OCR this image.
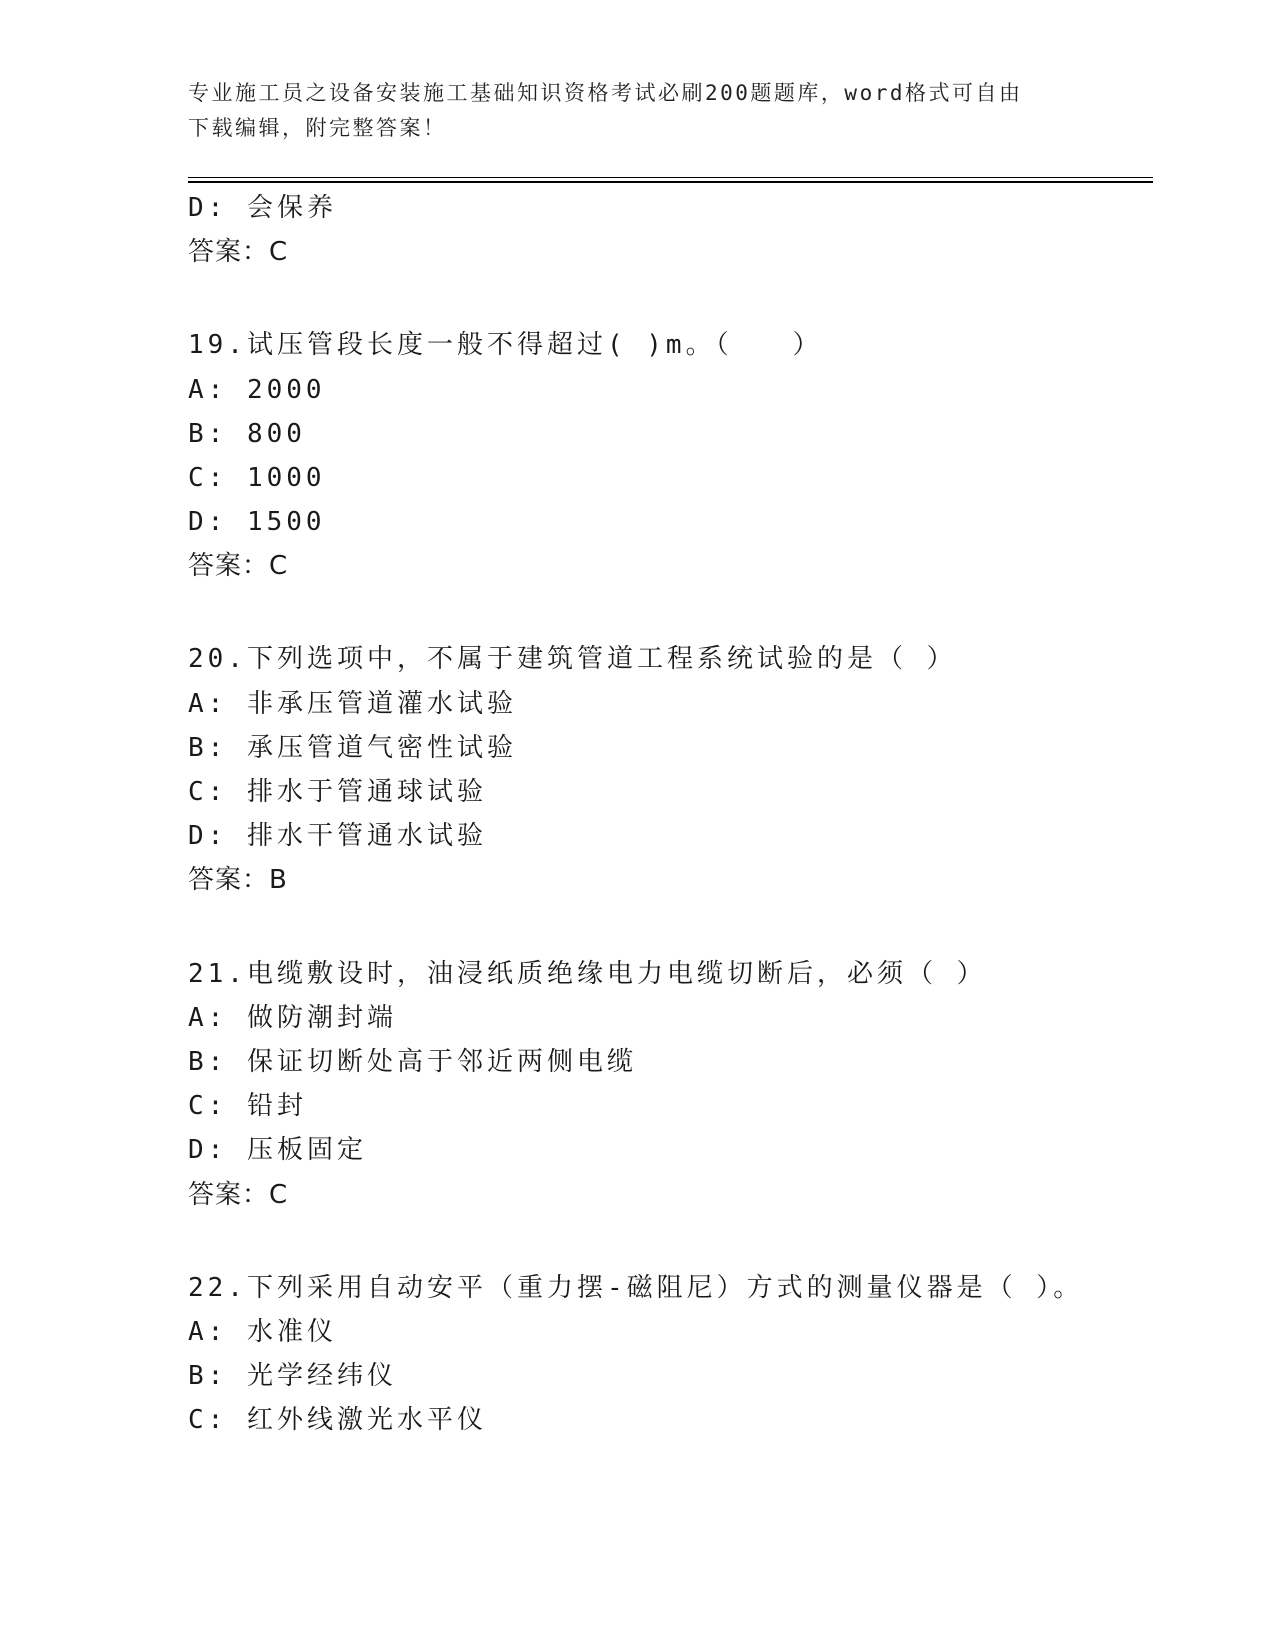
专业施工员之设备安装施工基础知识资格考试必刷200题题库，word格式可自由
下载编辑，附完整答案！
D: 会保养
答案：C
19.试压管段长度一般不得超过( )m。（　　）
A: 2000
B: 800
C: 1000
D: 1500
答案：C
20.下列选项中，不属于建筑管道工程系统试验的是（ ）
A: 非承压管道灌水试验
B: 承压管道气密性试验
C: 排水于管通球试验
D: 排水干管通水试验
答案：B
21.电缆敷设时，油浸纸质绝缘电力电缆切断后，必须（ ）
A: 做防潮封端
B: 保证切断处高于邻近两侧电缆
C: 铅封
D: 压板固定
答案：C
22.下列采用自动安平（重力摆-磁阻尼）方式的测量仪器是（ ）。
A: 水准仪
B: 光学经纬仪
C: 红外线激光水平仪
